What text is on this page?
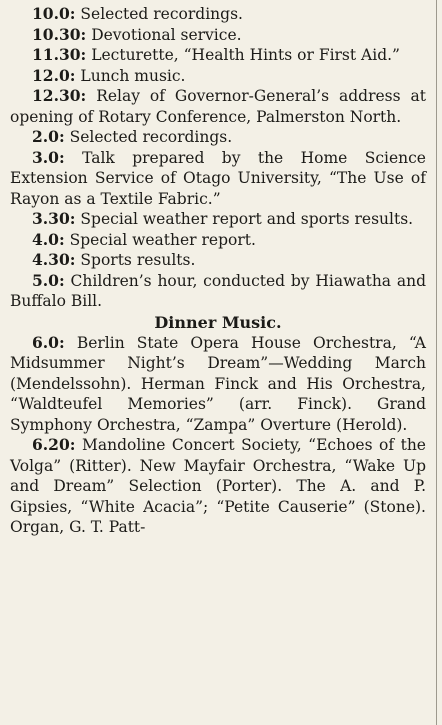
10.0: Selected recordings.

10.30: Devotional service.

11.30: Lecturette, “Health Hints or First Aid.”

12.0: Lunch music.

12.30: Relay of Governor-General’s address at opening of Rotary Conference, Palmerston North.

2.0: Selected recordings.

3.0: Talk prepared by the Home Science Extension Service of Otago University, “The Use of Rayon as a Textile Fabric.”

3.30: Special weather report and sports results.

4.0: Special weather report.

4.30: Sports results.

5.0: Children’s hour, conducted by Hiawatha and Buffalo Bill.

Dinner Music.

6.0: Berlin State Opera House Orchestra, “A Midsummer Night’s Dream”—Wedding March (Mendelssohn). Herman Finck and His Orchestra, “Waldteufel Memories” (arr. Finck). Grand Symphony Orchestra, “Zampa” Overture (Herold).

6.20: Mandoline Concert Society, “Echoes of the Volga” (Ritter). New Mayfair Orchestra, “Wake Up and Dream” Selection (Porter). The A. and P. Gipsies, “White Acacia”; “Petite Causerie” (Stone). Organ, G. T. Patt-
